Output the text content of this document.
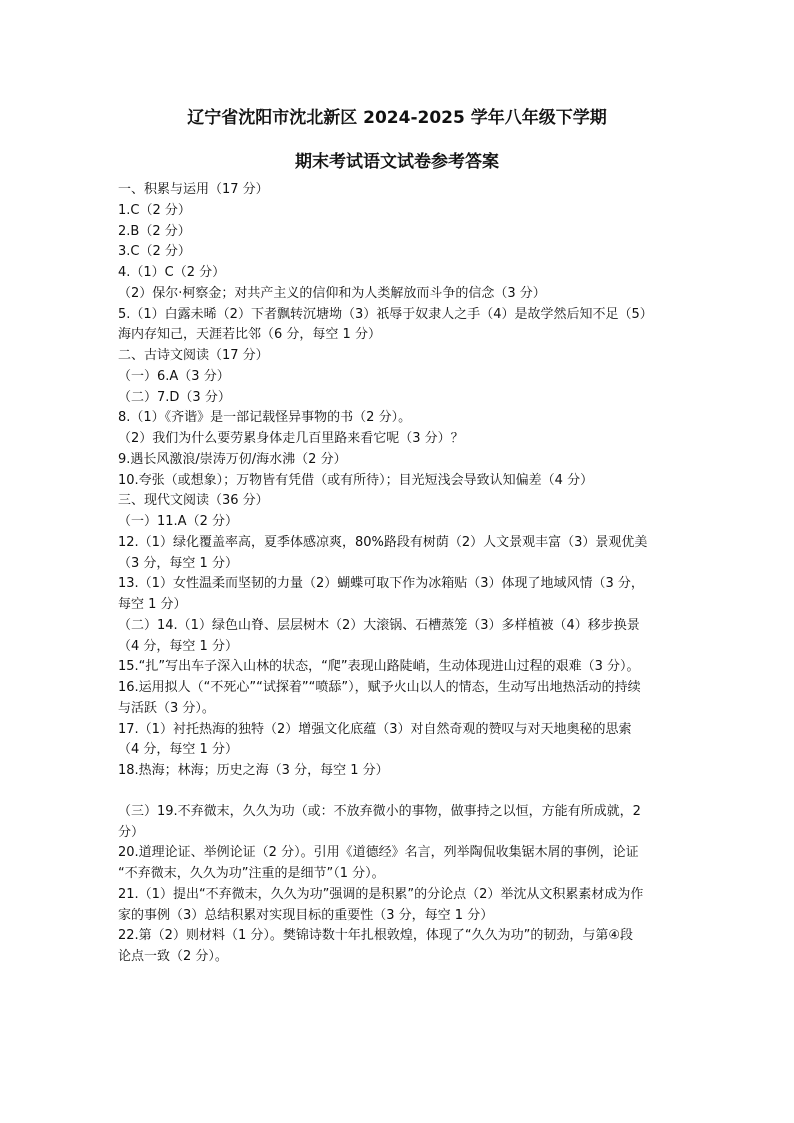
辽宁省沈阳市沈北新区 2024-2025 学年八年级下学期
期末考试语文试卷参考答案
一、积累与运用（17 分）
1.C（2 分）
2.B（2 分）
3.C（2 分）
4.（1）C（2 分）
（2）保尔·柯察金；对共产主义的信仰和为人类解放而斗争的信念（3 分）
5.（1）白露未晞（2）下者飘转沉塘坳（3）祇辱于奴隶人之手（4）是故学然后知不足（5）
海内存知己，天涯若比邻（6 分，每空 1 分）
二、古诗文阅读（17 分）
（一）6.A（3 分）
（二）7.D（3 分）
8.（1）《齐谐》是一部记载怪异事物的书（2 分）。
（2）我们为什么要劳累身体走几百里路来看它呢（3 分）？
9.遇长风激浪/崇涛万仞/海水沸（2 分）
10.夸张（或想象）；万物皆有凭借（或有所待）；目光短浅会导致认知偏差（4 分）
三、现代文阅读（36 分）
（一）11.A（2 分）
12.（1）绿化覆盖率高，夏季体感凉爽，80%路段有树荫（2）人文景观丰富（3）景观优美
（3 分，每空 1 分）
13.（1）女性温柔而坚韧的力量（2）蝴蝶可取下作为冰箱贴（3）体现了地域风情（3 分，
每空 1 分）
（二）14.（1）绿色山脊、层层树木（2）大滚锅、石槽蒸笼（3）多样植被（4）移步换景
（4 分，每空 1 分）
15.“扎”写出车子深入山林的状态，“爬”表现山路陡峭，生动体现进山过程的艰难（3 分）。
16.运用拟人（“不死心”“试探着”“喷舔”），赋予火山以人的情态，生动写出地热活动的持续
与活跃（3 分）。
17.（1）衬托热海的独特（2）增强文化底蕴（3）对自然奇观的赞叹与对天地奥秘的思索
（4 分，每空 1 分）
18.热海；林海；历史之海（3 分，每空 1 分）
（三）19.不弃微末，久久为功（或：不放弃微小的事物，做事持之以恒，方能有所成就，2
分）
20.道理论证、举例论证（2 分）。引用《道德经》名言，列举陶侃收集锯木屑的事例，论证
“不弃微末，久久为功”注重的是细节”（1 分）。
21.（1）提出“不弃微末，久久为功”强调的是积累”的分论点（2）举沈从文积累素材成为作
家的事例（3）总结积累对实现目标的重要性（3 分，每空 1 分）
22.第（2）则材料（1 分）。樊锦诗数十年扎根敦煌，体现了“久久为功”的韧劲，与第④段
论点一致（2 分）。
